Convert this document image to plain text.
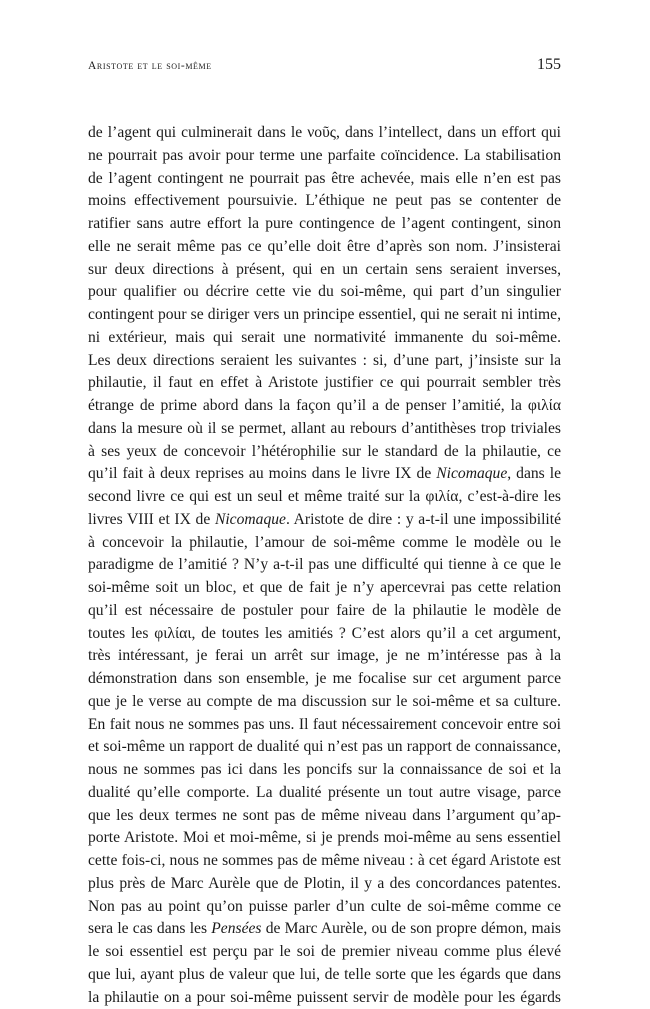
Aristote et le soi-même	155
de l’agent qui culminerait dans le νοῦς, dans l’intellect, dans un effort qui
ne pourrait pas avoir pour terme une parfaite coïncidence. La stabilisation
de l’agent contingent ne pourrait pas être achevée, mais elle n’en est pas
moins effectivement poursuivie. L’éthique ne peut pas se contenter de
ratifier sans autre effort la pure contingence de l’agent contingent, sinon
elle ne serait même pas ce qu’elle doit être d’après son nom. J’insisterai
sur deux directions à présent, qui en un certain sens seraient inverses,
pour qualifier ou décrire cette vie du soi-même, qui part d’un singulier
contingent pour se diriger vers un principe essentiel, qui ne serait ni intime,
ni extérieur, mais qui serait une normativité immanente du soi-même.
Les deux directions seraient les suivantes : si, d’une part, j’insiste sur la
philautie, il faut en effet à Aristote justifier ce qui pourrait sembler très
étrange de prime abord dans la façon qu’il a de penser l’amitié, la φιλία
dans la mesure où il se permet, allant au rebours d’antithèses trop triviales
à ses yeux de concevoir l’hétérophilie sur le standard de la philautie, ce
qu’il fait à deux reprises au moins dans le livre IX de Nicomaque, dans le
second livre ce qui est un seul et même traité sur la φιλία, c’est-à-dire les
livres VIII et IX de Nicomaque. Aristote de dire : y a-t-il une impossibilité
à concevoir la philautie, l’amour de soi-même comme le modèle ou le
paradigme de l’amitié ? N’y a-t-il pas une difficulté qui tienne à ce que le
soi-même soit un bloc, et que de fait je n’y apercevrai pas cette relation
qu’il est nécessaire de postuler pour faire de la philautie le modèle de
toutes les φιλίαι, de toutes les amitiés ? C’est alors qu’il a cet argument,
très intéressant, je ferai un arrêt sur image, je ne m’intéresse pas à la
démonstration dans son ensemble, je me focalise sur cet argument parce
que je le verse au compte de ma discussion sur le soi-même et sa culture.
En fait nous ne sommes pas uns. Il faut nécessairement concevoir entre soi
et soi-même un rapport de dualité qui n’est pas un rapport de connaissance,
nous ne sommes pas ici dans les poncifs sur la connaissance de soi et la
dualité qu’elle comporte. La dualité présente un tout autre visage, parce
que les deux termes ne sont pas de même niveau dans l’argument qu’ap-
porte Aristote. Moi et moi-même, si je prends moi-même au sens essentiel
cette fois-ci, nous ne sommes pas de même niveau : à cet égard Aristote est
plus près de Marc Aurèle que de Plotin, il y a des concordances patentes.
Non pas au point qu’on puisse parler d’un culte de soi-même comme ce
sera le cas dans les Pensées de Marc Aurèle, ou de son propre démon, mais
le soi essentiel est perçu par le soi de premier niveau comme plus élevé
que lui, ayant plus de valeur que lui, de telle sorte que les égards que dans
la philautie on a pour soi-même puissent servir de modèle pour les égards
